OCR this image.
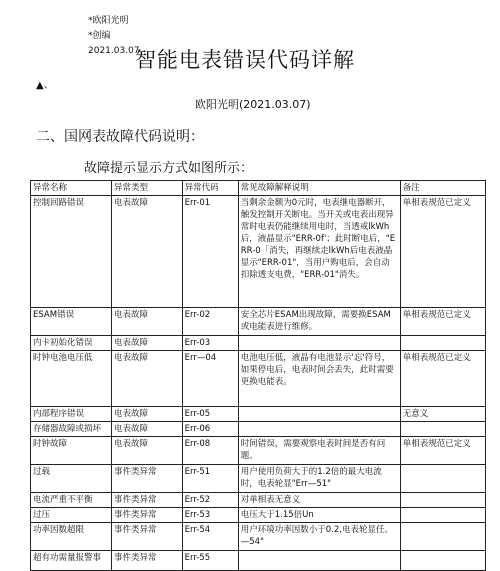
*欧阳光明*创编 2021.03.07
▲、
智能电表错误代码详解
欧阳光明(2021.03.07)
二、国网表故障代码说明：
故障提示显示方式如图所示：
异常名称	异常类型	异常代码	常见故障解释说明	备注
控制回路错误	电表故障	Err-01	当剩余金额为0元时，电表继电器断开，触发控制开关断电。当开关或电表出现异常时电表仍能继续用电时，当透戒lkWh后，液晶显示"ERR-0f'；此时断电后，"ERR-0「消失，再继续走lkWh后电表液晶显示"ERR-01"，当用户购电后，会自动扣除透支电费，"ERR-01"消失。	单相表规范已定义
ESAM错误	电表故障	Err-02	安全芯片ESAM出现故障，需要换ESAM或电能表进行维修。	单相表规范已定义
内卡初始化错误	电表故障	Err-03		
时钟电池电压低	电表故障	Err—04	电池电压低，液晶有电池显示‘忘'符号，如果停电后，电表时间会丢失，此时需要更换电能表。	单相表规范已定义
内部程序错误	电表故障	Err-05		无意义
存储器故障或损坏	电表故障	Err-06		
时钟故障	电表故障	Err-08	时间错误，需要观察电表时间是否有问题。	单相表规范已定义
过载	事件类异常	Err-51	用户使用负荷大于的1.2倍的最大电流时，电表轮显"Err—51"	
电流严重不平衡	事件类异常	Err-52	对单相表无意义	
过压	事件类异常	Err-53	电压大于1.15倍Un	
功率因数超限	事件类异常	Err-54	用户环境功率因数小于0.2,电表轮显任。—54"	
超有功需量报警事	事件类异常	Err-55		
